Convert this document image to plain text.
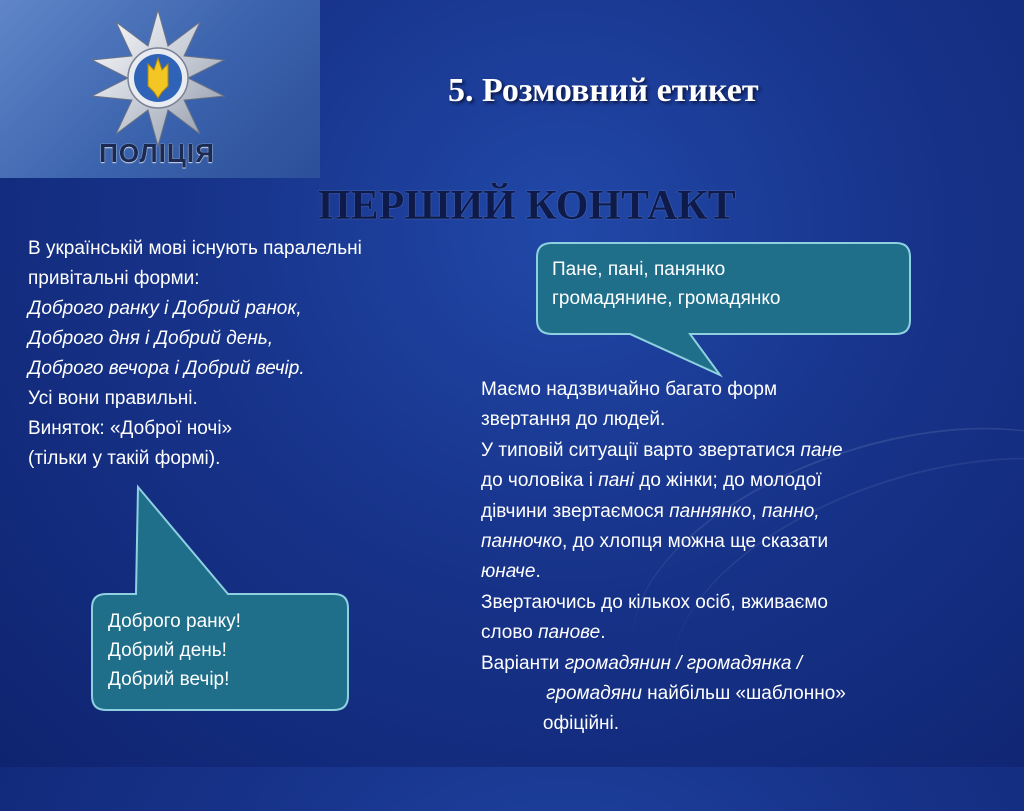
ПОЛІЦІЯ
5. Розмовний етикет
ПЕРШИЙ КОНТАКТ
В українській мові існують паралельні
привітальні форми:
Доброго ранку і Добрий ранок,
Доброго дня і Добрий день,
Доброго вечора і Добрий вечір.
Усі вони правильні.
Виняток: «Доброї ночі»
(тільки у такій формі).
Пане, пані, панянко
громадянине, громадянко
Доброго ранку!
Добрий день!
Добрий вечір!
Маємо надзвичайно багато форм
звертання до людей.
У типовій ситуації варто звертатися пане
до чоловіка і пані до жінки; до молодої
дівчини звертаємося паннянко, панно,
панночко, до хлопця можна ще сказати
юначе.
Звертаючись до кількох осіб, вживаємо
слово панове.
Варіанти громадянин / громадянка /
громадяни найбільш «шаблонно»
офіційні.
